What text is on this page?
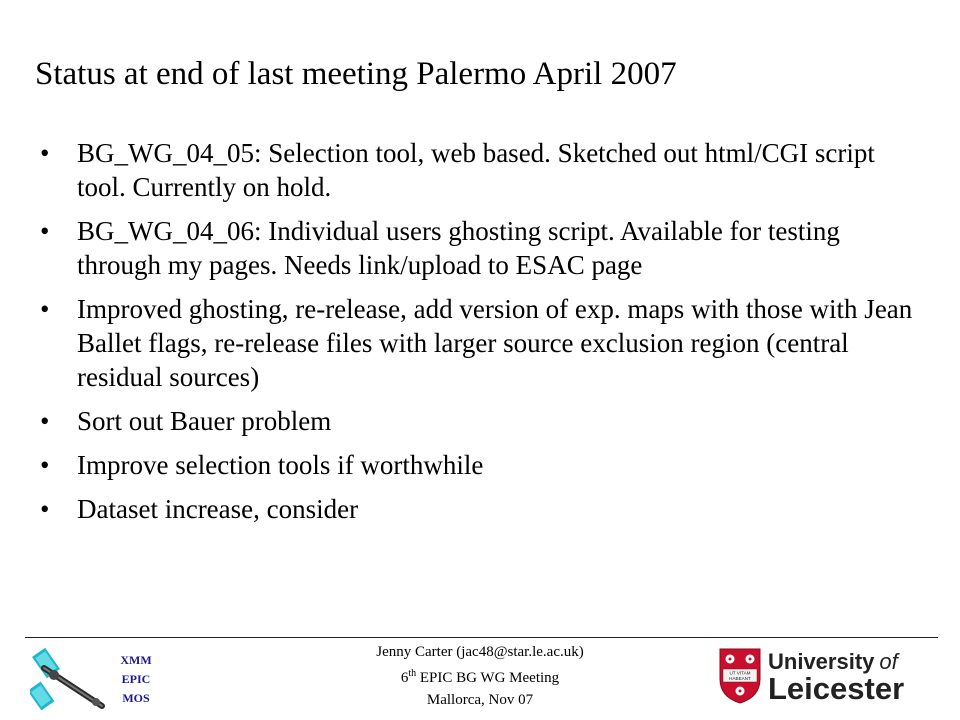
Status at end of last meeting Palermo April 2007
• BG_WG_04_05: Selection tool, web based. Sketched out html/CGI script tool. Currently on hold.
• BG_WG_04_06: Individual users ghosting script. Available for testing through my pages. Needs link/upload to ESAC page
• Improved ghosting, re-release, add version of exp. maps with those with Jean Ballet flags, re-release files with larger source exclusion region (central residual sources)
• Sort out Bauer problem
• Improve selection tools if worthwhile
• Dataset increase, consider
XMM
EPIC
MOS
Jenny Carter (jac48@star.le.ac.uk)
6th EPIC BG WG Meeting
Mallorca, Nov 07
UT VITAM
HABEANT
University of
Leicester
